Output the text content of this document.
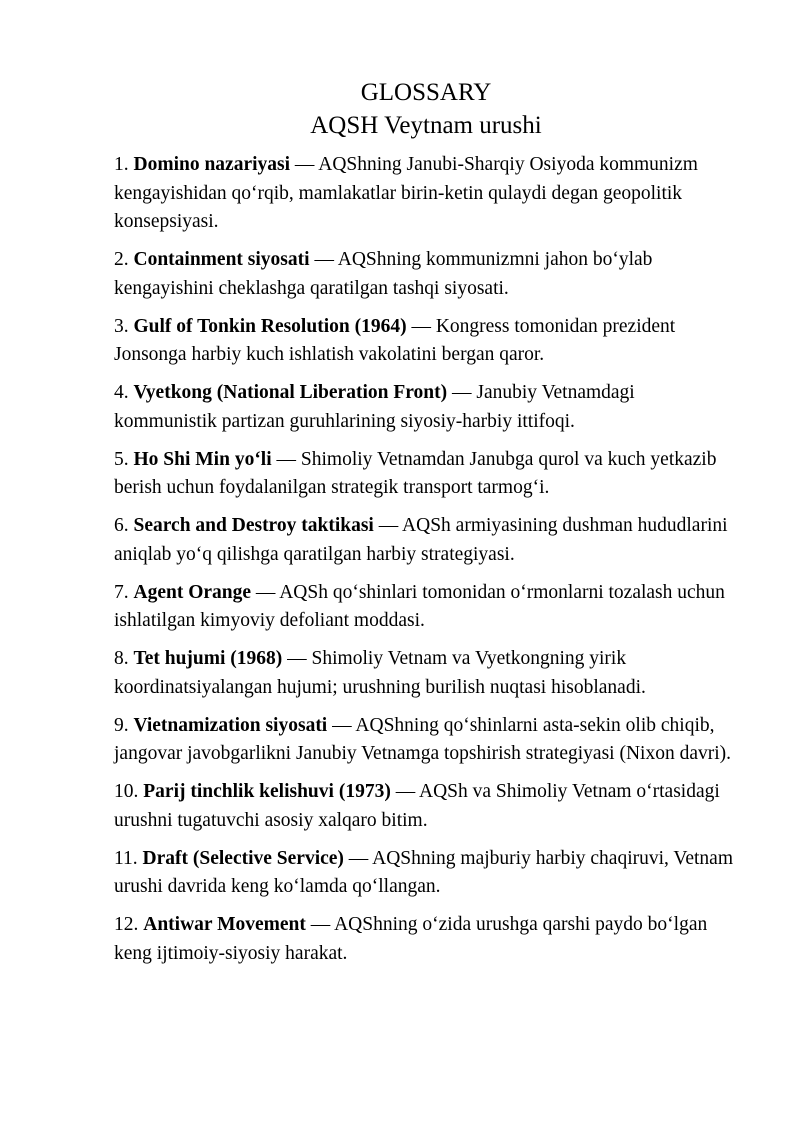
GLOSSARY
AQSH Veytnam urushi
1. Domino nazariyasi — AQShning Janubi-Sharqiy Osiyoda kommunizm kengayishidan qo‘rqib, mamlakatlar birin-ketin qulaydi degan geopolitik konsepsiyasi.
2. Containment siyosati — AQShning kommunizmni jahon bo‘ylab kengayishini cheklashga qaratilgan tashqi siyosati.
3. Gulf of Tonkin Resolution (1964) — Kongress tomonidan prezident Jonsonga harbiy kuch ishlatish vakolatini bergan qaror.
4. Vyetkong (National Liberation Front) — Janubiy Vetnamdagi kommunistik partizan guruhlarining siyosiy-harbiy ittifoqi.
5. Ho Shi Min yo‘li — Shimoliy Vetnamdan Janubga qurol va kuch yetkazib berish uchun foydalanilgan strategik transport tarmog‘i.
6. Search and Destroy taktikasi — AQSh armiyasining dushman hududlarini aniqlab yo‘q qilishga qaratilgan harbiy strategiyasi.
7. Agent Orange — AQSh qo‘shinlari tomonidan o‘rmonlarni tozalash uchun ishlatilgan kimyoviy defoliant moddasi.
8. Tet hujumi (1968) — Shimoliy Vetnam va Vyetkongning yirik koordinatsiyalangan hujumi; urushning burilish nuqtasi hisoblanadi.
9. Vietnamization siyosati — AQShning qo‘shinlarni asta-sekin olib chiqib, jangovar javobgarlikni Janubiy Vetnamga topshirish strategiyasi (Nixon davri).
10. Parij tinchlik kelishuvi (1973) — AQSh va Shimoliy Vetnam o‘rtasidagi urushni tugatuvchi asosiy xalqaro bitim.
11. Draft (Selective Service) — AQShning majburiy harbiy chaqiruvi, Vetnam urushi davrida keng ko‘lamda qo‘llangan.
12. Antiwar Movement — AQShning o‘zida urushga qarshi paydo bo‘lgan keng ijtimoiy-siyosiy harakat.
